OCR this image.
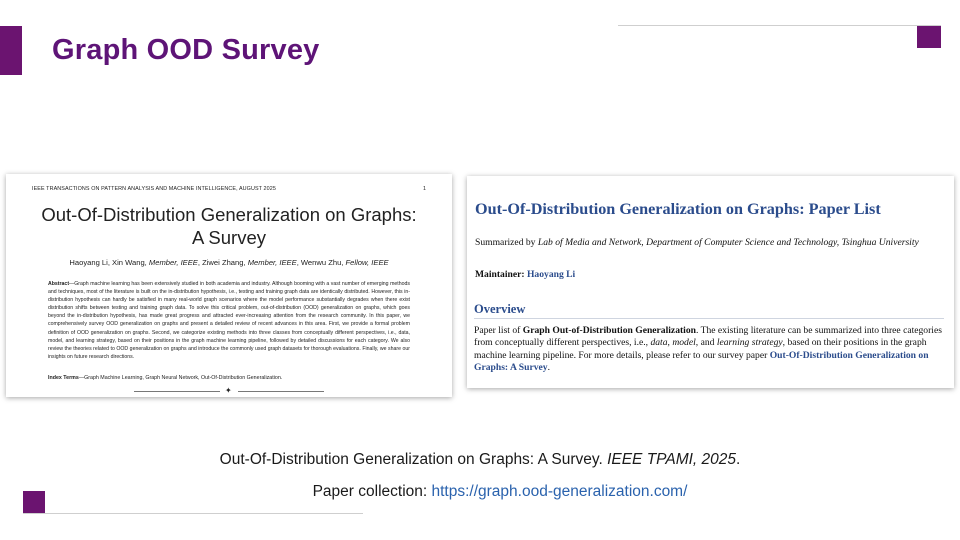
Graph OOD Survey
IEEE TRANSACTIONS ON PATTERN ANALYSIS AND MACHINE INTELLIGENCE, AUGUST 2025	1
Out-Of-Distribution Generalization on Graphs:
A Survey
Haoyang Li, Xin Wang, Member, IEEE, Ziwei Zhang, Member, IEEE, Wenwu Zhu, Fellow, IEEE
Abstract—Graph machine learning has been extensively studied in both academia and industry. Although booming with a vast number of emerging methods and techniques, most of the literature is built on the in-distribution hypothesis, i.e., testing and training graph data are identically distributed. However, this in-distribution hypothesis can hardly be satisfied in many real-world graph scenarios where the model performance substantially degrades when there exist distribution shifts between testing and training graph data. To solve this critical problem, out-of-distribution (OOD) generalization on graphs, which goes beyond the in-distribution hypothesis, has made great progress and attracted ever-increasing attention from the research community. In this paper, we comprehensively survey OOD generalization on graphs and present a detailed review of recent advances in this area. First, we provide a formal problem definition of OOD generalization on graphs. Second, we categorize existing methods into three classes from conceptually different perspectives, i.e., data, model, and learning strategy, based on their positions in the graph machine learning pipeline, followed by detailed discussions for each category. We also review the theories related to OOD generalization on graphs and introduce the commonly used graph datasets for thorough evaluations. Finally, we share our insights on future research directions.
Index Terms—Graph Machine Learning, Graph Neural Network, Out-Of-Distribution Generalization.
✦
Out-Of-Distribution Generalization on Graphs: Paper List
Summarized by Lab of Media and Network, Department of Computer Science and Technology, Tsinghua University
Maintainer: Haoyang Li
Overview
Paper list of Graph Out-of-Distribution Generalization. The existing literature can be summarized into three categories from conceptually different perspectives, i.e., data, model, and learning strategy, based on their positions in the graph machine learning pipeline. For more details, please refer to our survey paper Out-Of-Distribution Generalization on Graphs: A Survey.
Out-Of-Distribution Generalization on Graphs: A Survey. IEEE TPAMI, 2025.
Paper collection: https://graph.ood-generalization.com/
